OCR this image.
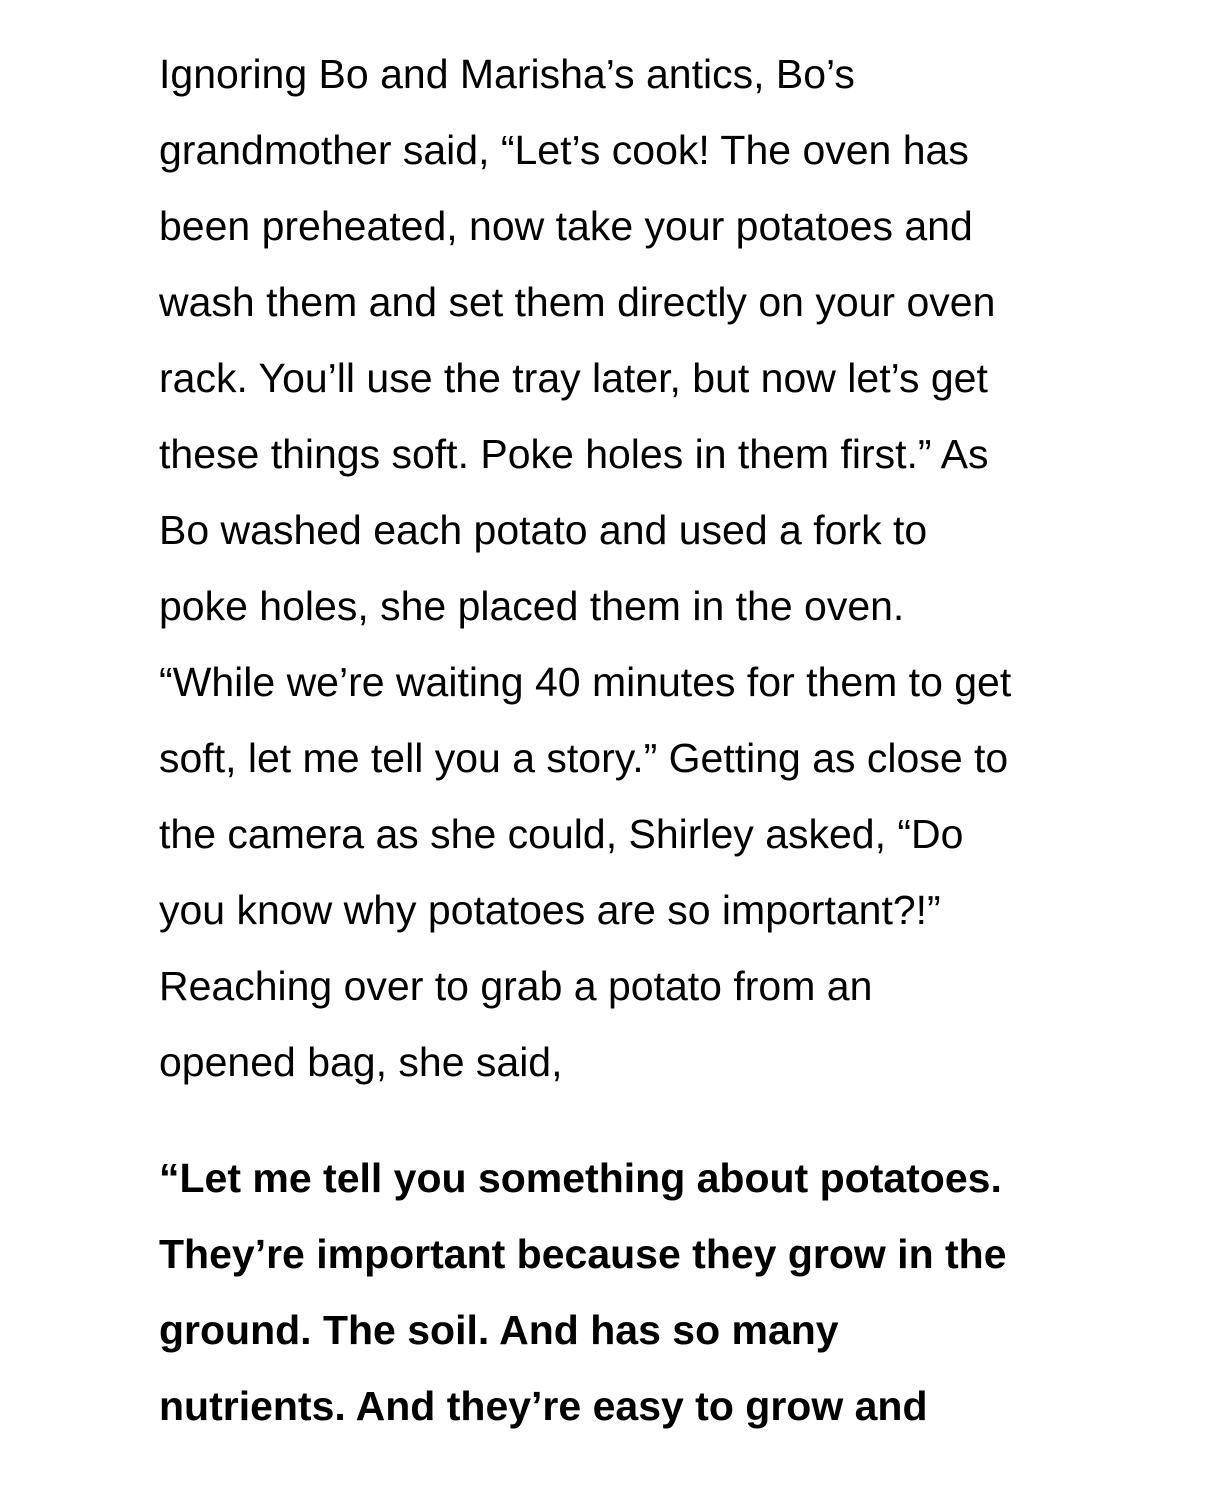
Ignoring Bo and Marisha’s antics, Bo’s
grandmother said, “Let’s cook! The oven has
been preheated, now take your potatoes and
wash them and set them directly on your oven
rack. You’ll use the tray later, but now let’s get
these things soft. Poke holes in them first.” As
Bo washed each potato and used a fork to
poke holes, she placed them in the oven.
“While we’re waiting 40 minutes for them to get
soft, let me tell you a story.” Getting as close to
the camera as she could, Shirley asked, “Do
you know why potatoes are so important?!”
Reaching over to grab a potato from an
opened bag, she said,
“Let me tell you something about potatoes.
They’re important because they grow in the
ground. The soil. And has so many
nutrients. And they’re easy to grow and
